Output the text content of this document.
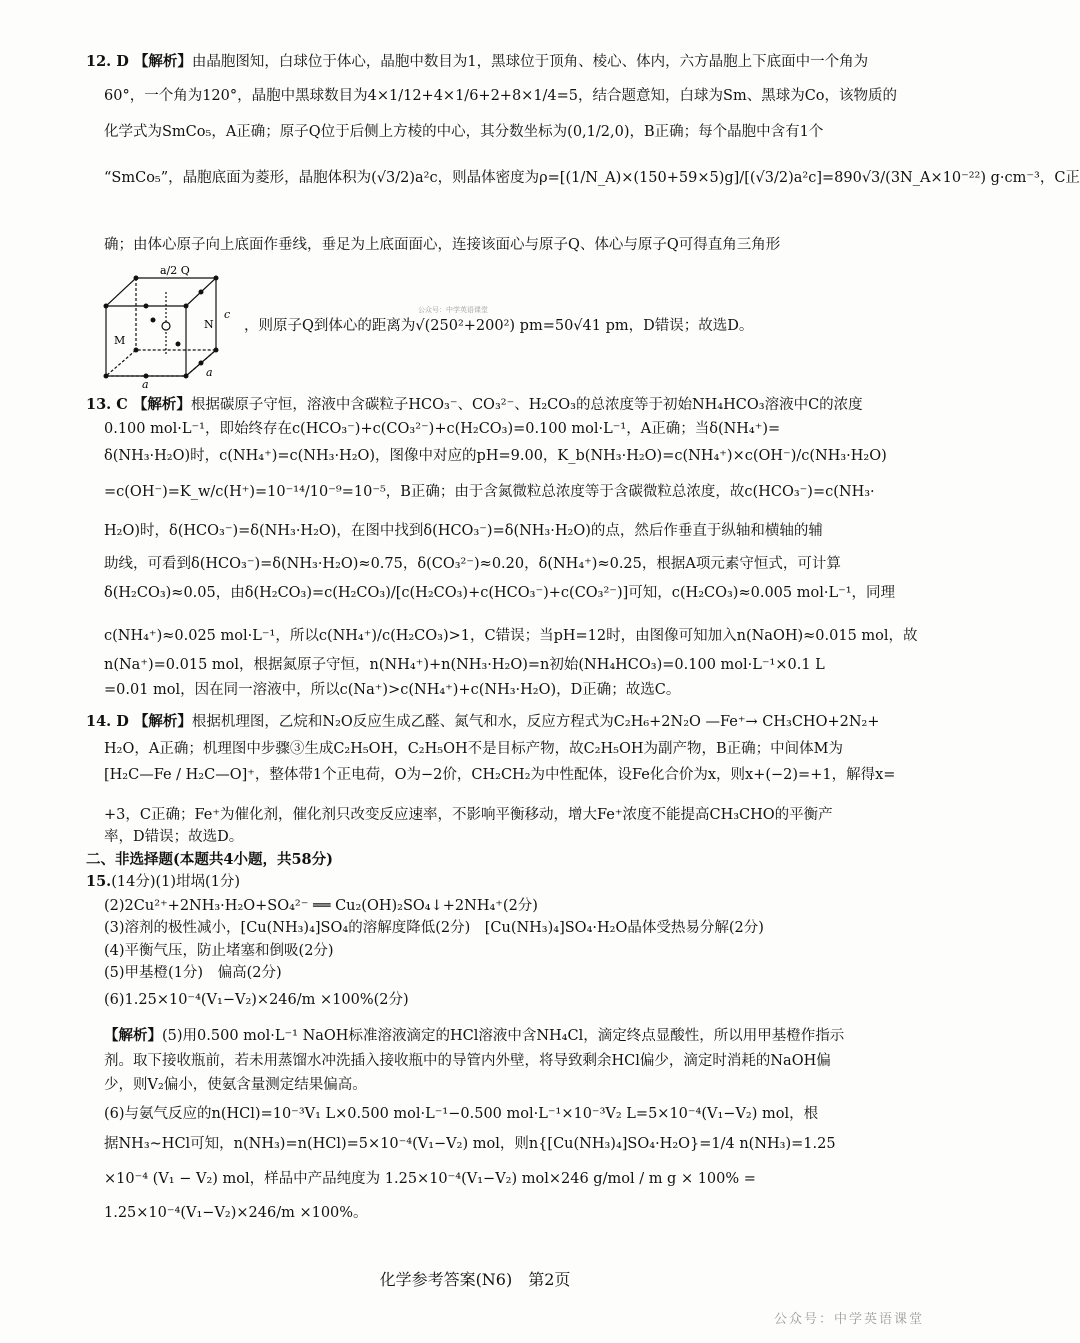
12. D 【解析】由晶胞图知，白球位于体心，晶胞中数目为1，黑球位于顶角、棱心、体内，六方晶胞上下底面中一个角为
60°，一个角为120°，晶胞中黑球数目为4×1/12+4×1/6+2+8×1/4=5，结合题意知，白球为Sm、黑球为Co，该物质的
化学式为SmCo₅，A正确；原子Q位于后侧上方棱的中心，其分数坐标为(0,1/2,0)，B正确；每个晶胞中含有1个
“SmCo₅”，晶胞底面为菱形，晶胞体积为(√3/2)a²c，则晶体密度为ρ=[(1/N_A)×(150+59×5)g]/[(√3/2)a²c]=890√3/(3N_A×10⁻²²) g·cm⁻³，C正
确；由体心原子向上底面作垂线，垂足为上底面面心，连接该面心与原子Q、体心与原子Q可得直角三角形
13. C 【解析】根据碳原子守恒，溶液中含碳粒子HCO₃⁻、CO₃²⁻、H₂CO₃的总浓度等于初始NH₄HCO₃溶液中C的浓度
0.100 mol·L⁻¹，即始终存在c(HCO₃⁻)+c(CO₃²⁻)+c(H₂CO₃)=0.100 mol·L⁻¹，A正确；当δ(NH₄⁺)=
δ(NH₃·H₂O)时，c(NH₄⁺)=c(NH₃·H₂O)，图像中对应的pH=9.00，K_b(NH₃·H₂O)=c(NH₄⁺)×c(OH⁻)/c(NH₃·H₂O)
=c(OH⁻)=K_w/c(H⁺)=10⁻¹⁴/10⁻⁹=10⁻⁵，B正确；由于含氮微粒总浓度等于含碳微粒总浓度，故c(HCO₃⁻)=c(NH₃·
H₂O)时，δ(HCO₃⁻)=δ(NH₃·H₂O)，在图中找到δ(HCO₃⁻)=δ(NH₃·H₂O)的点，然后作垂直于纵轴和横轴的辅
助线，可看到δ(HCO₃⁻)=δ(NH₃·H₂O)≈0.75，δ(CO₃²⁻)≈0.20，δ(NH₄⁺)≈0.25，根据A项元素守恒式，可计算
δ(H₂CO₃)≈0.05，由δ(H₂CO₃)=c(H₂CO₃)/[c(H₂CO₃)+c(HCO₃⁻)+c(CO₃²⁻)]可知，c(H₂CO₃)≈0.005 mol·L⁻¹，同理
c(NH₄⁺)≈0.025 mol·L⁻¹，所以c(NH₄⁺)/c(H₂CO₃)>1，C错误；当pH=12时，由图像可知加入n(NaOH)≈0.015 mol，故
n(Na⁺)=0.015 mol，根据氮原子守恒，n(NH₄⁺)+n(NH₃·H₂O)=n初始(NH₄HCO₃)=0.100 mol·L⁻¹×0.1 L
=0.01 mol，因在同一溶液中，所以c(Na⁺)>c(NH₄⁺)+c(NH₃·H₂O)，D正确；故选C。
14. D 【解析】根据机理图，乙烷和N₂O反应生成乙醛、氮气和水，反应方程式为C₂H₆+2N₂O —Fe⁺→ CH₃CHO+2N₂+
H₂O，A正确；机理图中步骤③生成C₂H₅OH，C₂H₅OH不是目标产物，故C₂H₅OH为副产物，B正确；中间体M为
[H₂C—Fe / H₂C—O]⁺，整体带1个正电荷，O为−2价，CH₂CH₂为中性配体，设Fe化合价为x，则x+(−2)=+1，解得x=
+3，C正确；Fe⁺为催化剂，催化剂只改变反应速率，不影响平衡移动，增大Fe⁺浓度不能提高CH₃CHO的平衡产
率，D错误；故选D。
二、非选择题(本题共4小题，共58分)
15.(14分)(1)坩埚(1分)
(2)2Cu²⁺+2NH₃·H₂O+SO₄²⁻ ══ Cu₂(OH)₂SO₄↓+2NH₄⁺(2分)
(3)溶剂的极性减小，[Cu(NH₃)₄]SO₄的溶解度降低(2分)　[Cu(NH₃)₄]SO₄·H₂O晶体受热易分解(2分)
(4)平衡气压，防止堵塞和倒吸(2分)
(5)甲基橙(1分)　偏高(2分)
(6)1.25×10⁻⁴(V₁−V₂)×246/m ×100%(2分)
【解析】(5)用0.500 mol·L⁻¹ NaOH标准溶液滴定的HCl溶液中含NH₄Cl，滴定终点显酸性，所以用甲基橙作指示
剂。取下接收瓶前，若未用蒸馏水冲洗插入接收瓶中的导管内外壁，将导致剩余HCl偏少，滴定时消耗的NaOH偏
少，则V₂偏小，使氨含量测定结果偏高。
(6)与氨气反应的n(HCl)=10⁻³V₁ L×0.500 mol·L⁻¹−0.500 mol·L⁻¹×10⁻³V₂ L=5×10⁻⁴(V₁−V₂) mol，根
据NH₃~HCl可知，n(NH₃)=n(HCl)=5×10⁻⁴(V₁−V₂) mol，则n{[Cu(NH₃)₄]SO₄·H₂O}=1/4 n(NH₃)=1.25
×10⁻⁴ (V₁ − V₂) mol，样品中产品纯度为 1.25×10⁻⁴(V₁−V₂) mol×246 g/mol / m g × 100% =
1.25×10⁻⁴(V₁−V₂)×246/m ×100%。
a/2 Q
M
N
c
a
a
，则原子Q到体心的距离为√(250²+200²) pm=50√41 pm，D错误；故选D。
公众号：中学英语课堂
化学参考答案(N6)　第2页
公众号：中学英语课堂
